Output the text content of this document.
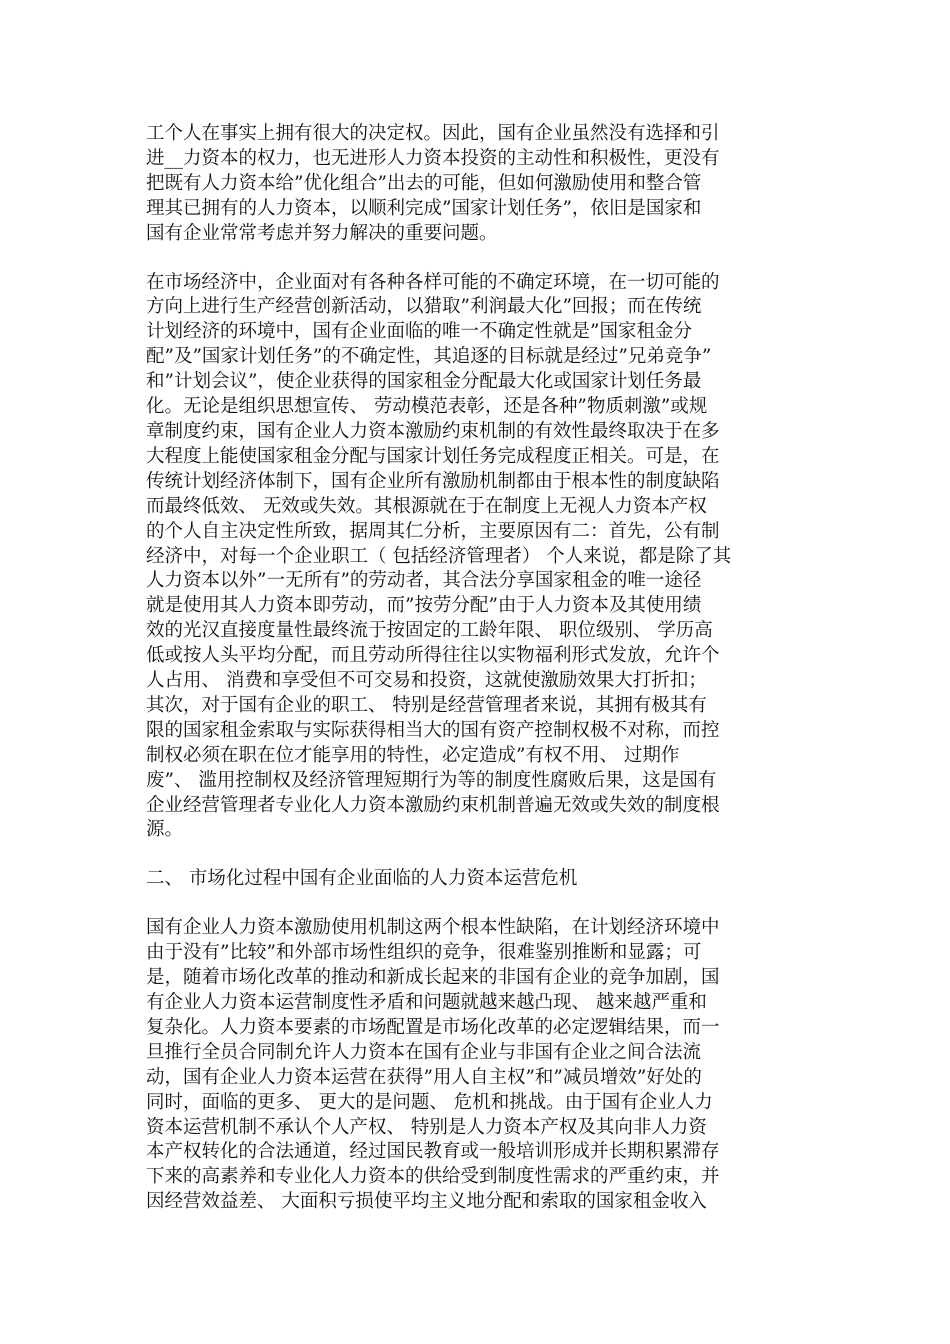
工个人在事实上拥有很大的决定权。因此，国有企业虽然没有选择和引
进__力资本的权力，也无进形人力资本投资的主动性和积极性，更没有
把既有人力资本给”优化组合”出去的可能，但如何激励使用和整合管
理其已拥有的人力资本，以顺利完成”国家计划任务”，依旧是国家和
国有企业常常考虑并努力解决的重要问题。

在市场经济中，企业面对有各种各样可能的不确定环境，在一切可能的
方向上进行生产经营创新活动，以猎取”利润最大化”回报；而在传统
计划经济的环境中，国有企业面临的唯一不确定性就是”国家租金分
配”及”国家计划任务”的不确定性，其追逐的目标就是经过”兄弟竞争”
和”计划会议”，使企业获得的国家租金分配最大化或国家计划任务最
化。无论是组织思想宣传、 劳动模范表彰，还是各种”物质刺激”或规
章制度约束，国有企业人力资本激励约束机制的有效性最终取决于在多
大程度上能使国家租金分配与国家计划任务完成程度正相关。可是，在
传统计划经济体制下，国有企业所有激励机制都由于根本性的制度缺陷
而最终低效、 无效或失效。其根源就在于在制度上无视人力资本产权
的个人自主决定性所致，据周其仁分析，主要原因有二：首先，公有制
经济中，对每一个企业职工（ 包括经济管理者） 个人来说，都是除了其
人力资本以外”一无所有”的劳动者，其合法分享国家租金的唯一途径
就是使用其人力资本即劳动，而”按劳分配”由于人力资本及其使用绩
效的光汉直接度量性最终流于按固定的工龄年限、 职位级别、 学历高
低或按人头平均分配，而且劳动所得往往以实物福利形式发放，允许个
人占用、 消费和享受但不可交易和投资，这就使激励效果大打折扣；
其次，对于国有企业的职工、 特别是经营管理者来说，其拥有极其有
限的国家租金索取与实际获得相当大的国有资产控制权极不对称，而控
制权必须在职在位才能享用的特性，必定造成”有权不用、 过期作
废”、 滥用控制权及经济管理短期行为等的制度性腐败后果，这是国有
企业经营管理者专业化人力资本激励约束机制普遍无效或失效的制度根
源。

二、 市场化过程中国有企业面临的人力资本运营危机

国有企业人力资本激励使用机制这两个根本性缺陷，在计划经济环境中
由于没有”比较”和外部市场性组织的竞争，很难鉴别推断和显露；可
是，随着市场化改革的推动和新成长起来的非国有企业的竞争加剧，国
有企业人力资本运营制度性矛盾和问题就越来越凸现、 越来越严重和
复杂化。人力资本要素的市场配置是市场化改革的必定逻辑结果，而一
旦推行全员合同制允许人力资本在国有企业与非国有企业之间合法流
动，国有企业人力资本运营在获得”用人自主权”和”减员增效”好处的
同时，面临的更多、 更大的是问题、 危机和挑战。由于国有企业人力
资本运营机制不承认个人产权、 特别是人力资本产权及其向非人力资
本产权转化的合法通道，经过国民教育或一般培训形成并长期积累滞存
下来的高素养和专业化人力资本的供给受到制度性需求的严重约束，并
因经营效益差、 大面积亏损使平均主义地分配和索取的国家租金收入
